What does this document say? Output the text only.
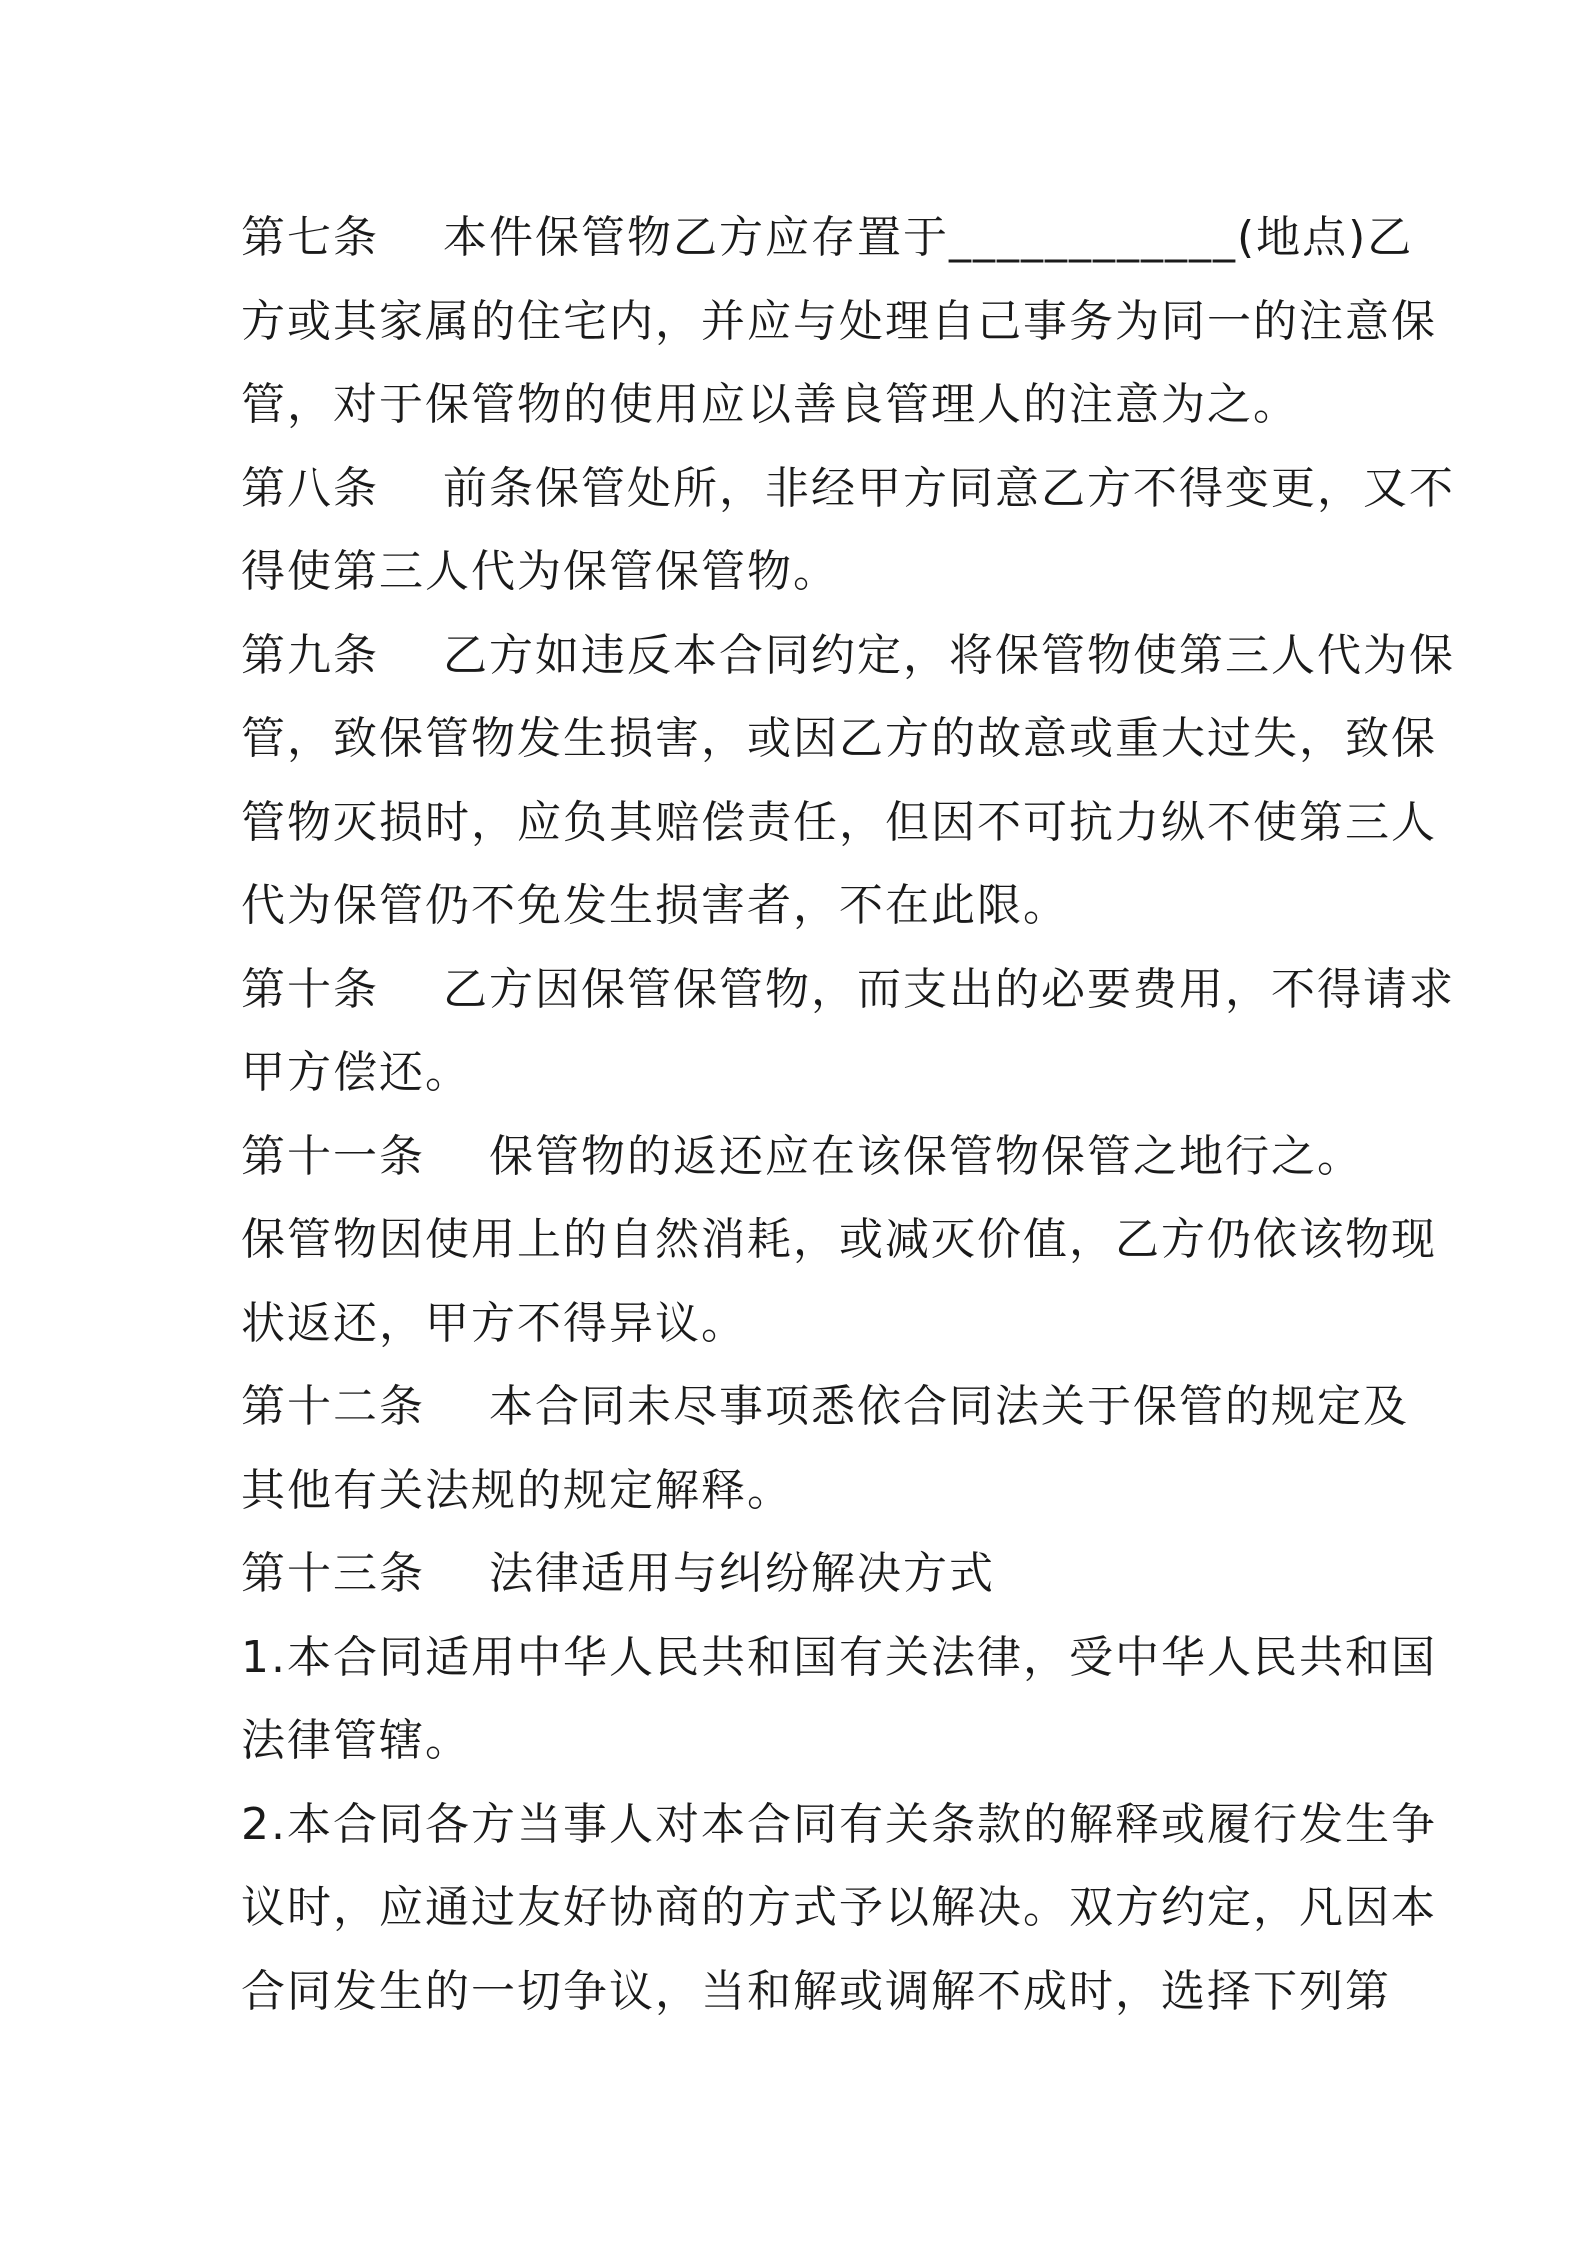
第七条    本件保管物乙方应存置于____________(地点)乙
方或其家属的住宅内，并应与处理自己事务为同一的注意保
管，对于保管物的使用应以善良管理人的注意为之。
第八条    前条保管处所，非经甲方同意乙方不得变更，又不
得使第三人代为保管保管物。
第九条    乙方如违反本合同约定，将保管物使第三人代为保
管，致保管物发生损害，或因乙方的故意或重大过失，致保
管物灭损时，应负其赔偿责任，但因不可抗力纵不使第三人
代为保管仍不免发生损害者，不在此限。
第十条    乙方因保管保管物，而支出的必要费用，不得请求
甲方偿还。
第十一条    保管物的返还应在该保管物保管之地行之。
保管物因使用上的自然消耗，或减灭价值，乙方仍依该物现
状返还，甲方不得异议。
第十二条    本合同未尽事项悉依合同法关于保管的规定及
其他有关法规的规定解释。
第十三条    法律适用与纠纷解决方式
1.本合同适用中华人民共和国有关法律，受中华人民共和国
法律管辖。
2.本合同各方当事人对本合同有关条款的解释或履行发生争
议时，应通过友好协商的方式予以解决。双方约定，凡因本
合同发生的一切争议，当和解或调解不成时，选择下列第
